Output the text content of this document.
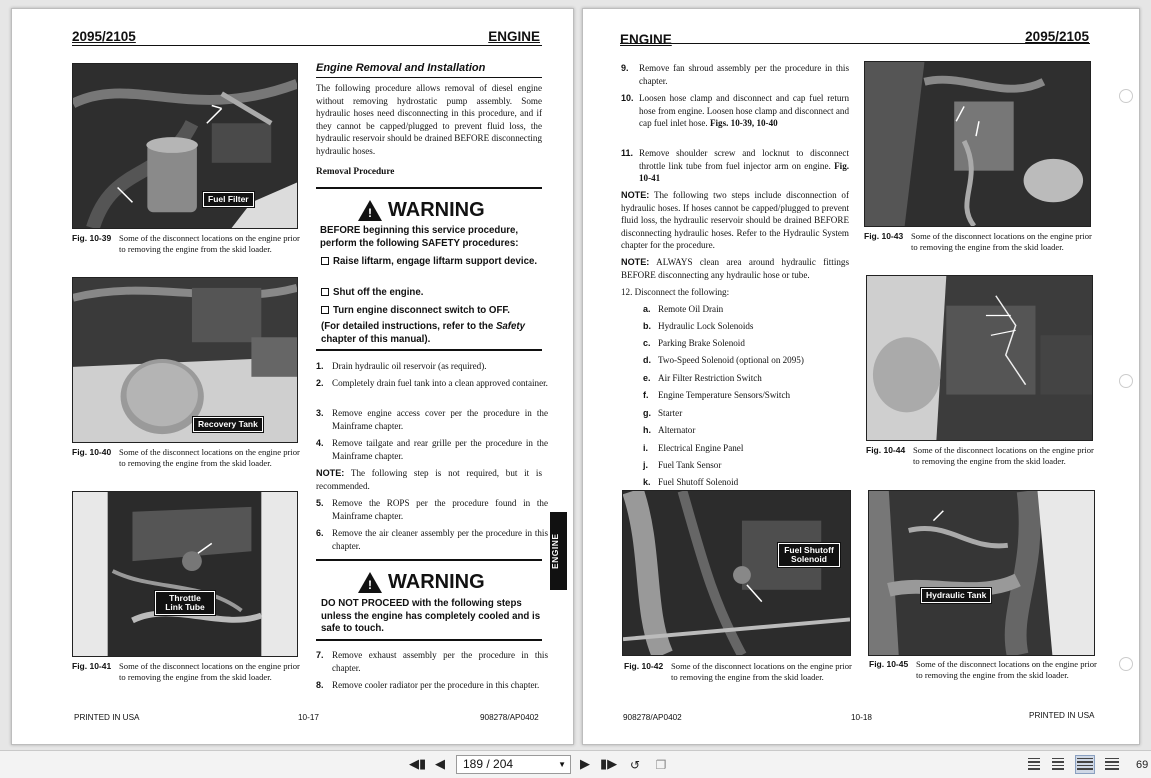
2095/2105	ENGINE
Fuel Filter
Fig. 10-39 Some of the disconnect locations on the engine prior to removing the engine from the skid loader.
Recovery Tank
Fig. 10-40 Some of the disconnect locations on the engine prior to removing the engine from the skid loader.
Throttle Link Tube
Fig. 10-41 Some of the disconnect locations on the engine prior to removing the engine from the skid loader.
Engine Removal and Installation
The following procedure allows removal of diesel engine without removing hydrostatic pump assembly. Some hydraulic hoses need disconnecting in this procedure, and if they cannot be capped/plugged to prevent fluid loss, the hydraulic reservoir should be drained BEFORE disconnecting hydraulic hoses.
Removal Procedure
! WARNING
BEFORE beginning this service procedure, perform the following SAFETY procedures:
Raise liftarm, engage liftarm support device.
Shut off the engine.
Turn engine disconnect switch to OFF.
(For detailed instructions, refer to the Safety chapter of this manual).
1. Drain hydraulic oil reservoir (as required).
2. Completely drain fuel tank into a clean approved container.
3. Remove engine access cover per the procedure in the Mainframe chapter.
4. Remove tailgate and rear grille per the procedure in the Mainframe chapter.
NOTE: The following step is not required, but it is recommended.
5. Remove the ROPS per the procedure found in the Mainframe chapter.
6. Remove the air cleaner assembly per the procedure in this chapter.
! WARNING
DO NOT PROCEED with the following steps unless the engine has completely cooled and is safe to touch.
7. Remove exhaust assembly per the procedure in this chapter.
8. Remove cooler radiator per the procedure in this chapter.
ENGINE
PRINTED IN USA	10-17	908278/AP0402
ENGINE	2095/2105
9. Remove fan shroud assembly per the procedure in this chapter.
10. Loosen hose clamp and disconnect and cap fuel return hose from engine. Loosen hose clamp and disconnect and cap fuel inlet hose. Figs. 10-39, 10-40
11. Remove shoulder screw and locknut to disconnect throttle link tube from fuel injector arm on engine. Fig. 10-41
NOTE: The following two steps include disconnection of hydraulic hoses. If hoses cannot be capped/plugged to prevent fluid loss, the hydraulic reservoir should be drained BEFORE disconnecting hydraulic hoses. Refer to the Hydraulic System chapter for the procedure.
NOTE: ALWAYS clean area around hydraulic fittings BEFORE disconnecting any hydraulic hose or tube.
12. Disconnect the following:
a. Remote Oil Drain
b. Hydraulic Lock Solenoids
c. Parking Brake Solenoid
d. Two-Speed Solenoid (optional on 2095)
e. Air Filter Restriction Switch
f. Engine Temperature Sensors/Switch
g. Starter
h. Alternator
i. Electrical Engine Panel
j. Fuel Tank Sensor
k. Fuel Shutoff Solenoid
Fig. 10-43 Some of the disconnect locations on the engine prior to removing the engine from the skid loader.
Fig. 10-44 Some of the disconnect locations on the engine prior to removing the engine from the skid loader.
Fuel Shutoff Solenoid
Fig. 10-42 Some of the disconnect locations on the engine prior to removing the engine from the skid loader.
Hydraulic Tank
Fig. 10-45 Some of the disconnect locations on the engine prior to removing the engine from the skid loader.
908278/AP0402	10-18	PRINTED IN USA
◀▮ ◀	189 / 204	▼ ▶ ▮▶	↺	❐	69
